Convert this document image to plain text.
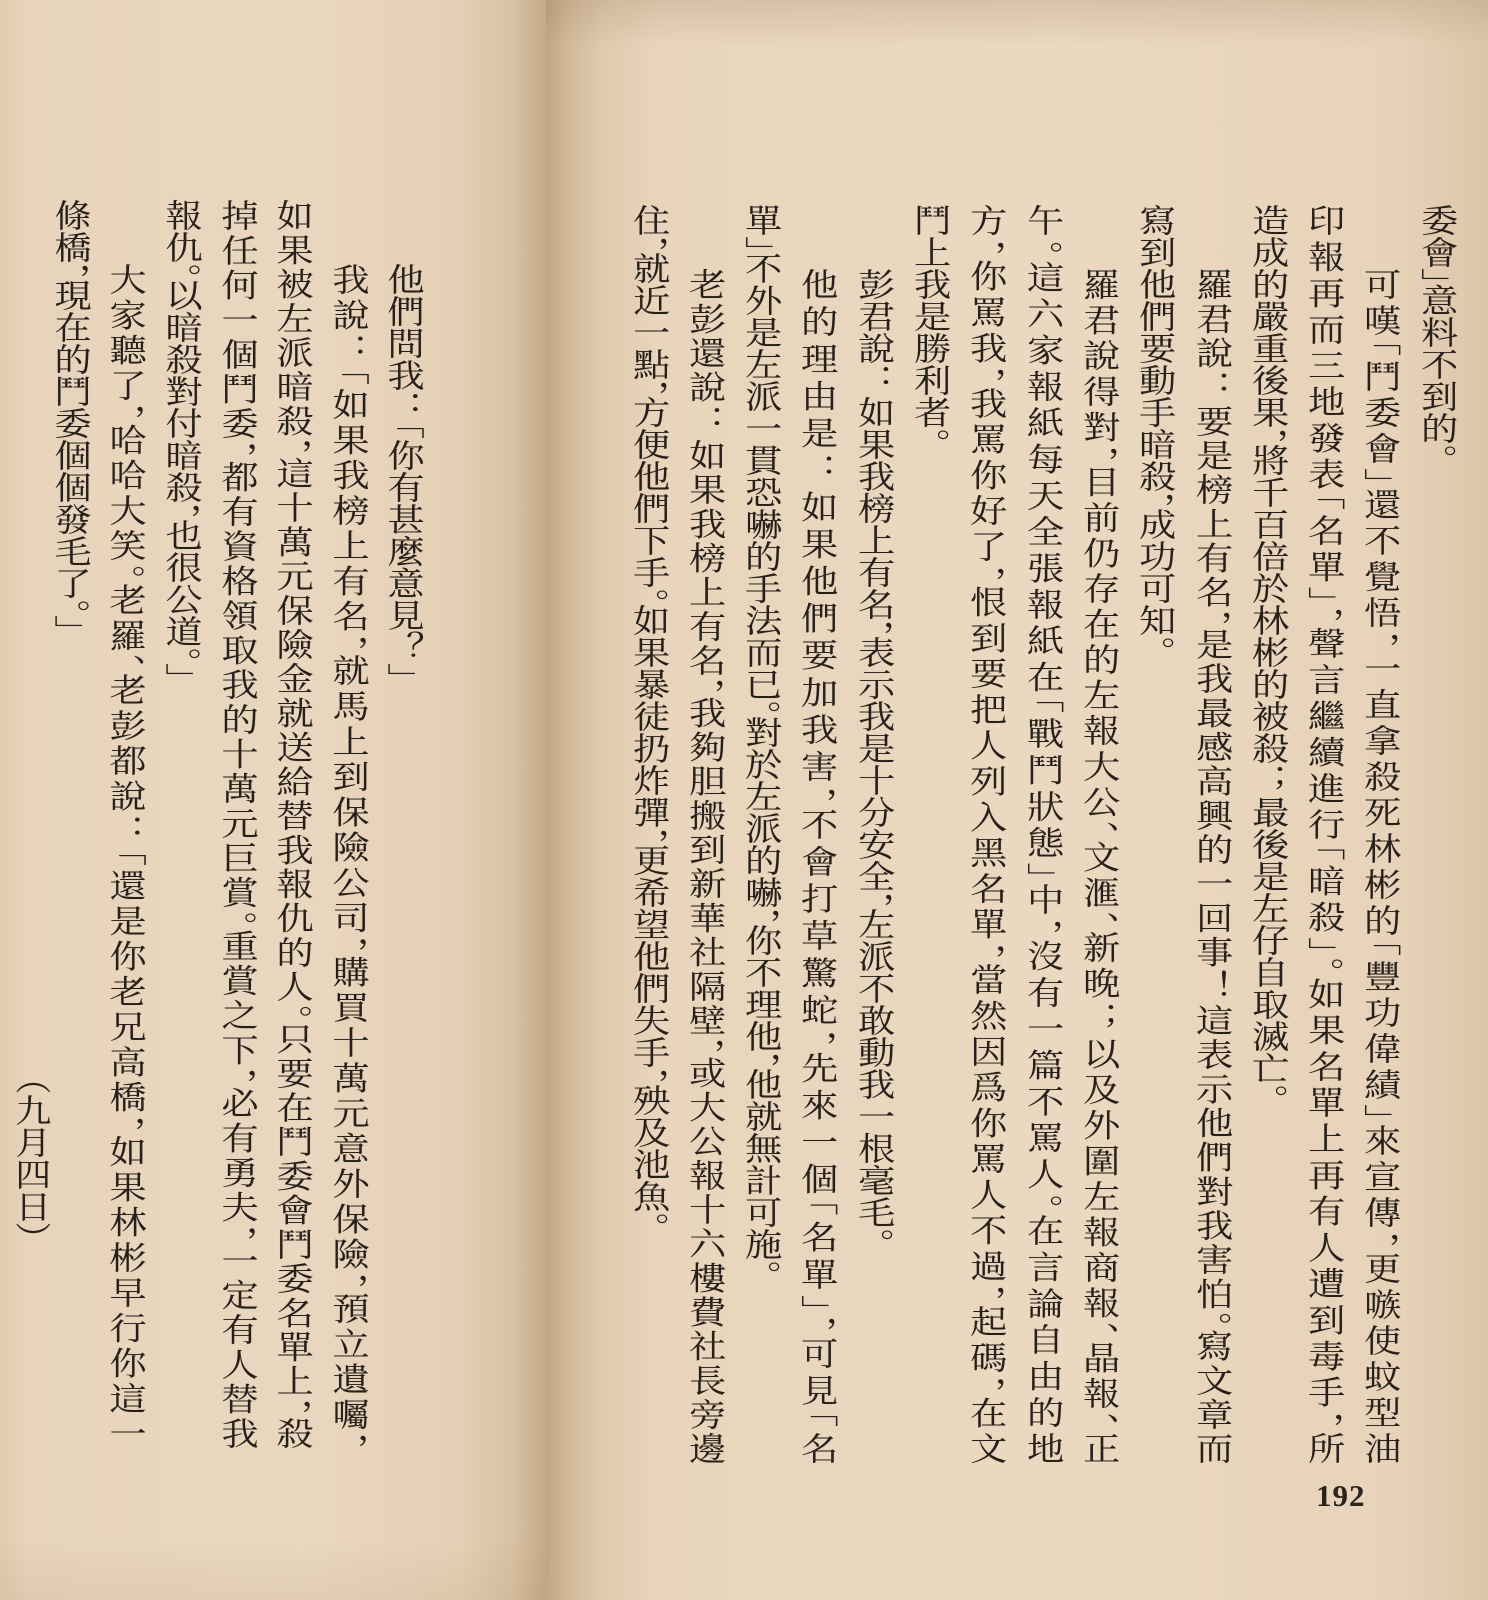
他們問我：「你有甚麼意見？」
我說：「如果我榜上有名，就馬上到保險公司，購買十萬元意外保險，預立遺囑，
如果被左派暗殺，這十萬元保險金就送給替我報仇的人。只要在鬥委會鬥委名單上，殺
掉任何一個鬥委，都有資格領取我的十萬元巨賞。重賞之下，必有勇夫，一定有人替我
報仇。以暗殺對付暗殺，也很公道。」
大家聽了，哈哈大笑。老羅、老彭都說：「還是你老兄高橋，如果林彬早行你這一
條橋，現在的鬥委個個發毛了。」
（九月四日）
委會」意料不到的。
可嘆「鬥委會」還不覺悟，一直拿殺死林彬的「豐功偉績」來宣傳，更嗾使蚊型油
印報再而三地發表「名單」，聲言繼續進行「暗殺」。如果名單上再有人遭到毒手，所
造成的嚴重後果，將千百倍於林彬的被殺；最後是左仔自取滅亡。
羅君說：要是榜上有名，是我最感高興的一回事！這表示他們對我害怕。寫文章而
寫到他們要動手暗殺，成功可知。
羅君說得對，目前仍存在的左報大公、文滙、新晚；以及外圍左報商報、晶報、正
午。這六家報紙每天全張報紙在「戰鬥狀態」中，沒有一篇不罵人。在言論自由的地
方，你罵我，我罵你好了，恨到要把人列入黑名單，當然因爲你罵人不過，起碼，在文
鬥上我是勝利者。
彭君說：如果我榜上有名，表示我是十分安全，左派不敢動我一根毫毛。
他的理由是：如果他們要加我害，不會打草驚蛇，先來一個「名單」，可見「名
單」不外是左派一貫恐嚇的手法而已。對於左派的嚇，你不理他，他就無計可施。
老彭還說：如果我榜上有名，我夠胆搬到新華社隔壁，或大公報十六樓費社長旁邊
住，就近一點，方便他們下手。如果暴徒扔炸彈，更希望他們失手，殃及池魚。
192
